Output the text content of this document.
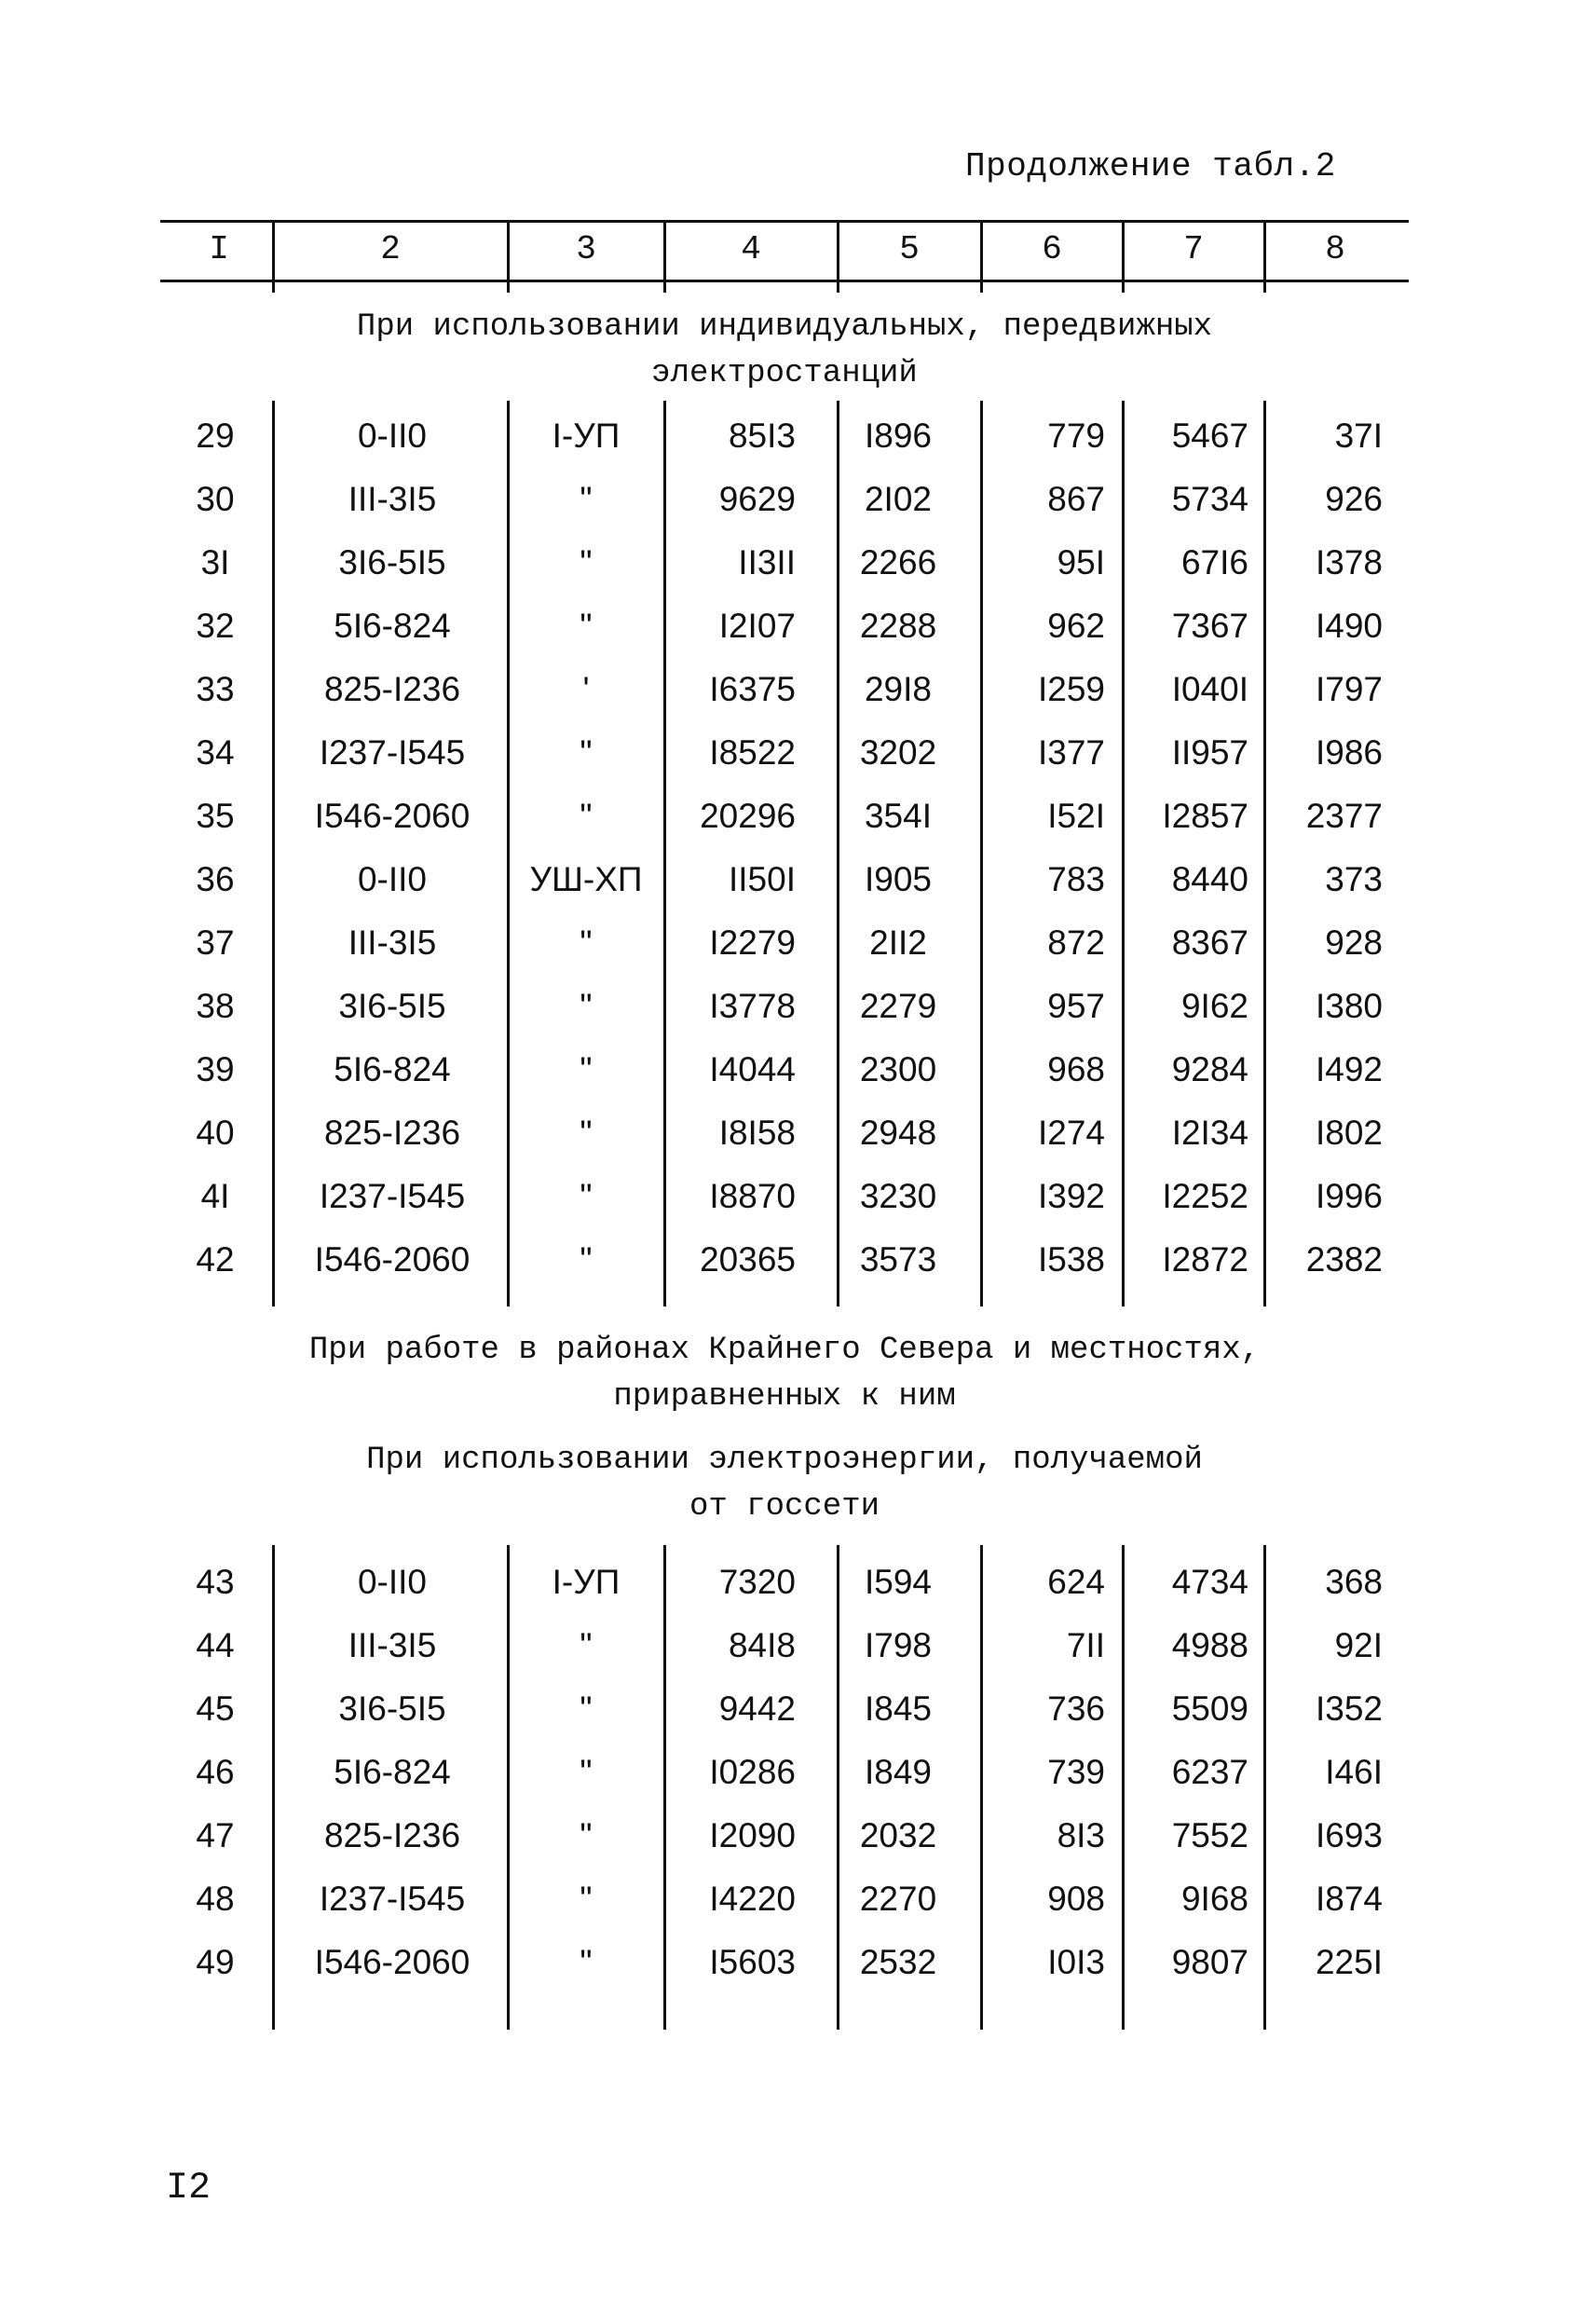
Продолжение табл.2
I	2	3	4	5	6	7	8
При использовании индивидуальных, передвижных
электростанций
29	0-II0	I-УП	85I3	I896	779	5467	37I
30	III-3I5	"	9629	2I02	867	5734	926
3I	3I6-5I5	"	II3II	2266	95I	67I6	I378
32	5I6-824	"	I2I07	2288	962	7367	I490
33	825-I236	'	I6375	29I8	I259	I040I	I797
34	I237-I545	"	I8522	3202	I377	II957	I986
35	I546-2060	"	20296	354I	I52I	I2857	2377
36	0-II0	УШ-ХП	II50I	I905	783	8440	373
37	III-3I5	"	I2279	2II2	872	8367	928
38	3I6-5I5	"	I3778	2279	957	9I62	I380
39	5I6-824	"	I4044	2300	968	9284	I492
40	825-I236	"	I8I58	2948	I274	I2I34	I802
4I	I237-I545	"	I8870	3230	I392	I2252	I996
42	I546-2060	"	20365	3573	I538	I2872	2382
При работе в районах Крайнего Севера и местностях,
приравненных к ним
При использовании электроэнергии, получаемой
от госсети
43	0-II0	I-УП	7320	I594	624	4734	368
44	III-3I5	"	84I8	I798	7II	4988	92I
45	3I6-5I5	"	9442	I845	736	5509	I352
46	5I6-824	"	I0286	I849	739	6237	I46I
47	825-I236	"	I2090	2032	8I3	7552	I693
48	I237-I545	"	I4220	2270	908	9I68	I874
49	I546-2060	"	I5603	2532	I0I3	9807	225I
I2
